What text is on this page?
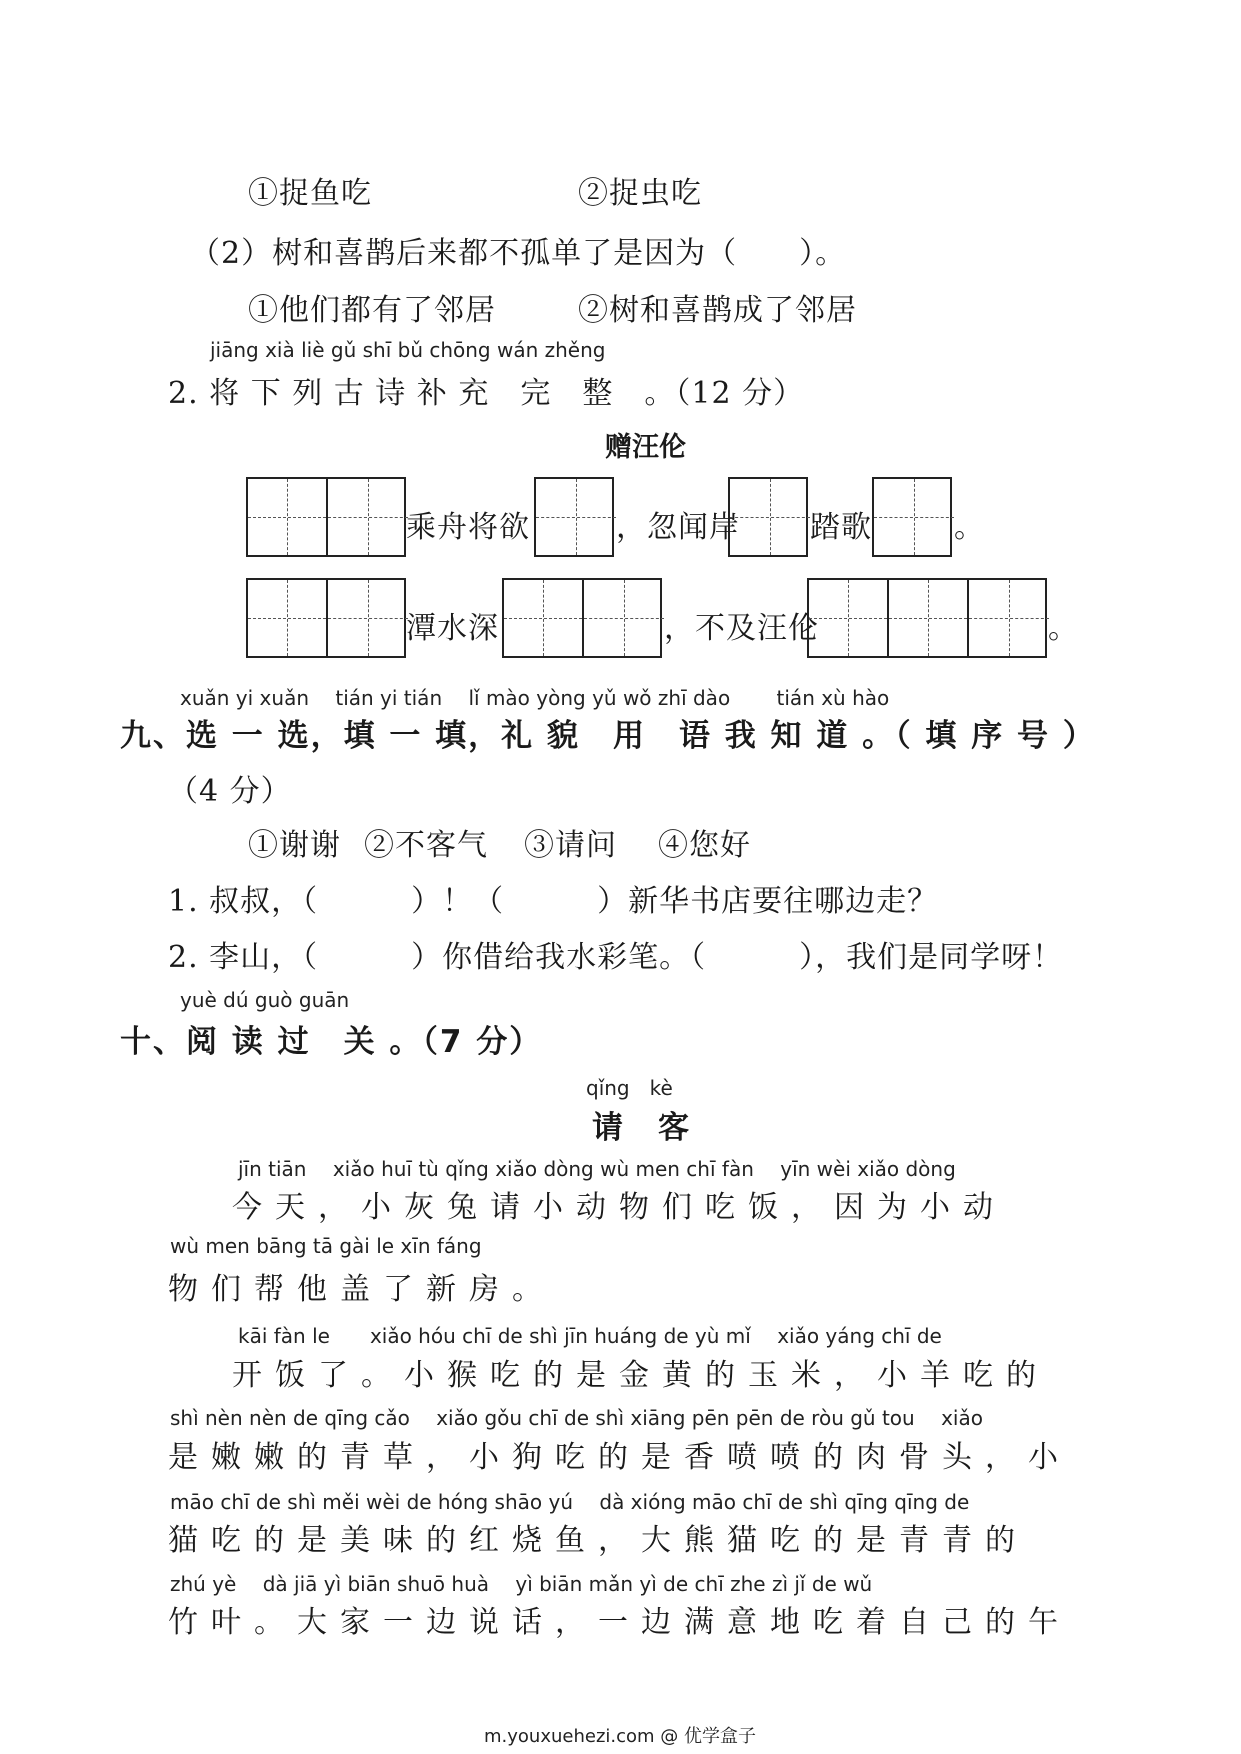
①捉鱼吃	②捉虫吃
（2）树和喜鹊后来都不孤单了是因为（　　）。
①他们都有了邻居	②树和喜鹊成了邻居
jiāng xià liè gǔ shī bǔ chōng wán zhěng
2. 将 下 列 古 诗 补 充　完　整　。（12 分）
赠汪伦
乘舟将欲	，忽闻岸 踏歌	。
潭水深	，不及汪伦	。
xuǎn yi xuǎn　 tián yi tián　 lǐ mào yòng yǔ wǒ zhī dào　　 tián xù hào
九、选 一 选，填 一 填，礼 貌　用　语 我 知 道 。（ 填 序 号 ）
（4 分）
①谢谢 ②不客气 ③请问 ④您好
1. 叔叔，（　　　）！（　　　）新华书店要往哪边走？
2. 李山，（　　　）你借给我水彩笔。（　　　），我们是同学呀！
yuè dú guò guān
十、阅 读 过　关 。（7 分）
qǐng　kè
请　客
jīn tiān　 xiǎo huī tù qǐng xiǎo dòng wù men chī fàn　 yīn wèi xiǎo dòng
今天，小灰兔请小动物们吃饭，因为小动
wù men bāng tā gài le xīn fáng
物们帮他盖了新房。
kāi fàn le　　xiǎo hóu chī de shì jīn huáng de yù mǐ　 xiǎo yáng chī de
开饭了。小猴吃的是金黄的玉米，小羊吃的
shì nèn nèn de qīng cǎo　 xiǎo gǒu chī de shì xiāng pēn pēn de ròu gǔ tou　 xiǎo
是嫩嫩的青草，小狗吃的是香喷喷的肉骨头，小
māo chī de shì měi wèi de hóng shāo yú　 dà xióng māo chī de shì qīng qīng de
猫吃的是美味的红烧鱼，大熊猫吃的是青青的
zhú yè　 dà jiā yì biān shuō huà　 yì biān mǎn yì de chī zhe zì jǐ de wǔ
竹叶。大家一边说话，一边满意地吃着自己的午
m.youxuehezi.com @ 优学盒子
